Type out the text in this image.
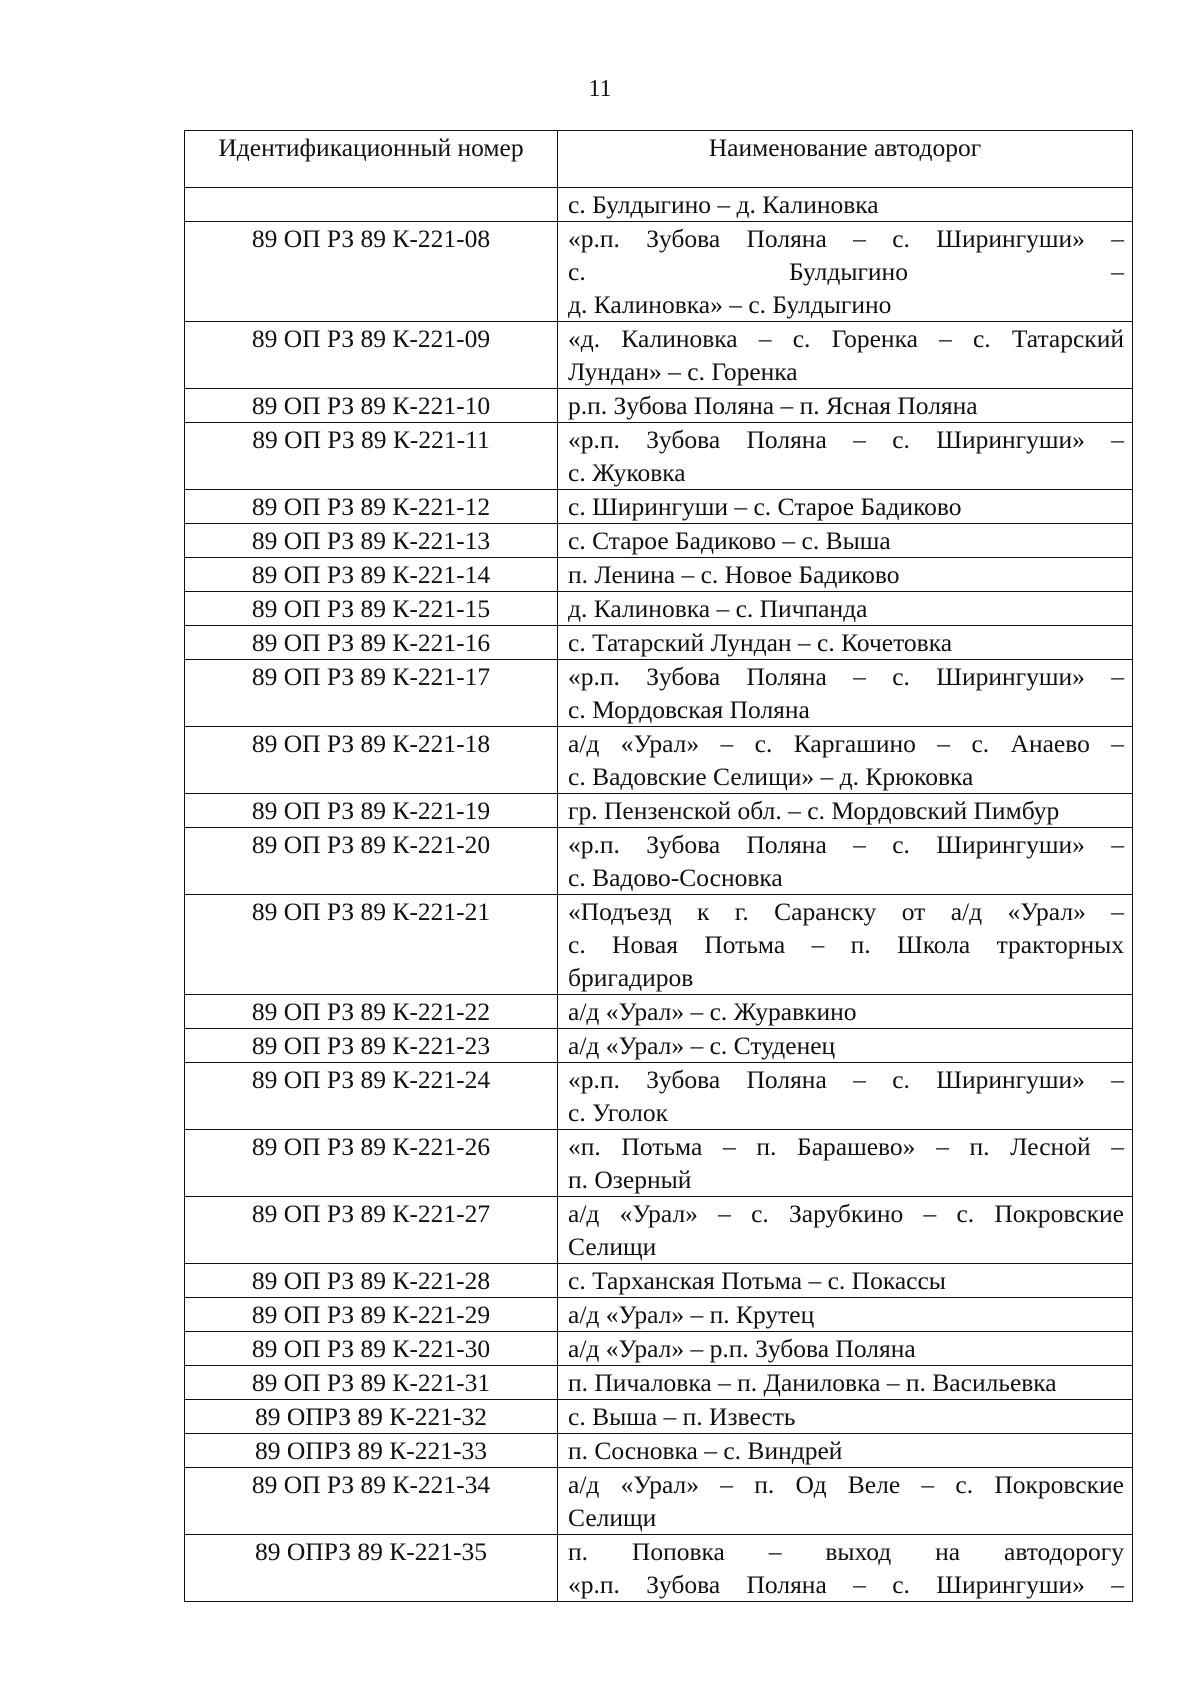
11
Идентификационный номер	Наименование автодорог

	с. Булдыгино – д. Калиновка

89 ОП РЗ 89 К-221-08	«р.п. Зубова Поляна – с. Ширингуши» –
с. Булдыгино –
д. Калиновка» – с. Булдыгино

89 ОП РЗ 89 К-221-09	«д. Калиновка – с. Горенка – с. Татарский
Лундан» – с. Горенка

89 ОП РЗ 89 К-221-10	р.п. Зубова Поляна – п. Ясная Поляна

89 ОП РЗ 89 К-221-11	«р.п. Зубова Поляна – с. Ширингуши» –
с. Жуковка

89 ОП РЗ 89 К-221-12	с. Ширингуши – с. Старое Бадиково

89 ОП РЗ 89 К-221-13	с. Старое Бадиково – с. Выша

89 ОП РЗ 89 К-221-14	п. Ленина – с. Новое Бадиково

89 ОП РЗ 89 К-221-15	д. Калиновка – с. Пичпанда

89 ОП РЗ 89 К-221-16	с. Татарский Лундан – с. Кочетовка

89 ОП РЗ 89 К-221-17	«р.п. Зубова Поляна – с. Ширингуши» –
с. Мордовская Поляна

89 ОП РЗ 89 К-221-18	а/д «Урал» – с. Каргашино – с. Анаево –
с. Вадовские Селищи» – д. Крюковка

89 ОП РЗ 89 К-221-19	гр. Пензенской обл. – с. Мордовский Пимбур

89 ОП РЗ 89 К-221-20	«р.п. Зубова Поляна – с. Ширингуши» –
с. Вадово-Сосновка

89 ОП РЗ 89 К-221-21	«Подъезд к г. Саранску от а/д «Урал» –
с. Новая Потьма – п. Школа тракторных
бригадиров

89 ОП РЗ 89 К-221-22	а/д «Урал» – с. Журавкино

89 ОП РЗ 89 К-221-23	а/д «Урал» – с. Студенец

89 ОП РЗ 89 К-221-24	«р.п. Зубова Поляна – с. Ширингуши» –
с. Уголок

89 ОП РЗ 89 К-221-26	«п. Потьма – п. Барашево» – п. Лесной –
п. Озерный

89 ОП РЗ 89 К-221-27	а/д «Урал» – с. Зарубкино – с. Покровские
Селищи

89 ОП РЗ 89 К-221-28	с. Тарханская Потьма – с. Покассы

89 ОП РЗ 89 К-221-29	а/д «Урал» – п. Крутец

89 ОП РЗ 89 К-221-30	а/д «Урал» – р.п. Зубова Поляна

89 ОП РЗ 89 К-221-31	п. Пичаловка – п. Даниловка – п. Васильевка

89 ОПРЗ 89 К-221-32	с. Выша – п. Известь

89 ОПРЗ 89 К-221-33	п. Сосновка – с. Виндрей

89 ОП РЗ 89 К-221-34	а/д «Урал» – п. Од Веле – с. Покровские
Селищи

89 ОПРЗ 89 К-221-35	п. Поповка – выход на автодорогу
«р.п. Зубова Поляна – с. Ширингуши» –
